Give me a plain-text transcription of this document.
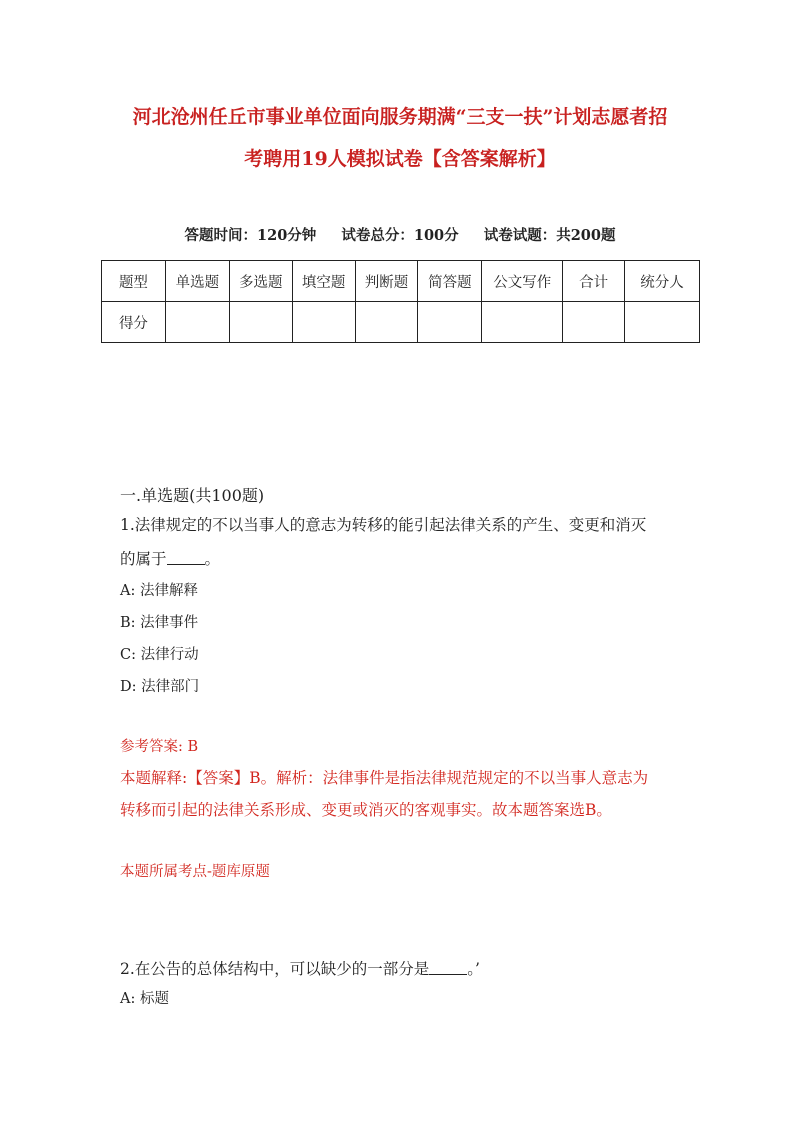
河北沧州任丘市事业单位面向服务期满“三支一扶”计划志愿者招
考聘用19人模拟试卷【含答案解析】
答题时间：120分钟 试卷总分：100分 试卷试题：共200题
题型	单选题	多选题	填空题	判断题	简答题	公文写作	合计	统分人
得分								
一.单选题(共100题)
1.法律规定的不以当事人的意志为转移的能引起法律关系的产生、变更和消灭
的属于 。
A: 法律解释
B: 法律事件
C: 法律行动
D: 法律部门
参考答案: B
本题解释:【答案】B。解析：法律事件是指法律规范规定的不以当事人意志为
转移而引起的法律关系形成、变更或消灭的客观事实。故本题答案选B。
本题所属考点-题库原题
2.在公告的总体结构中，可以缺少的一部分是 。’
A: 标题
